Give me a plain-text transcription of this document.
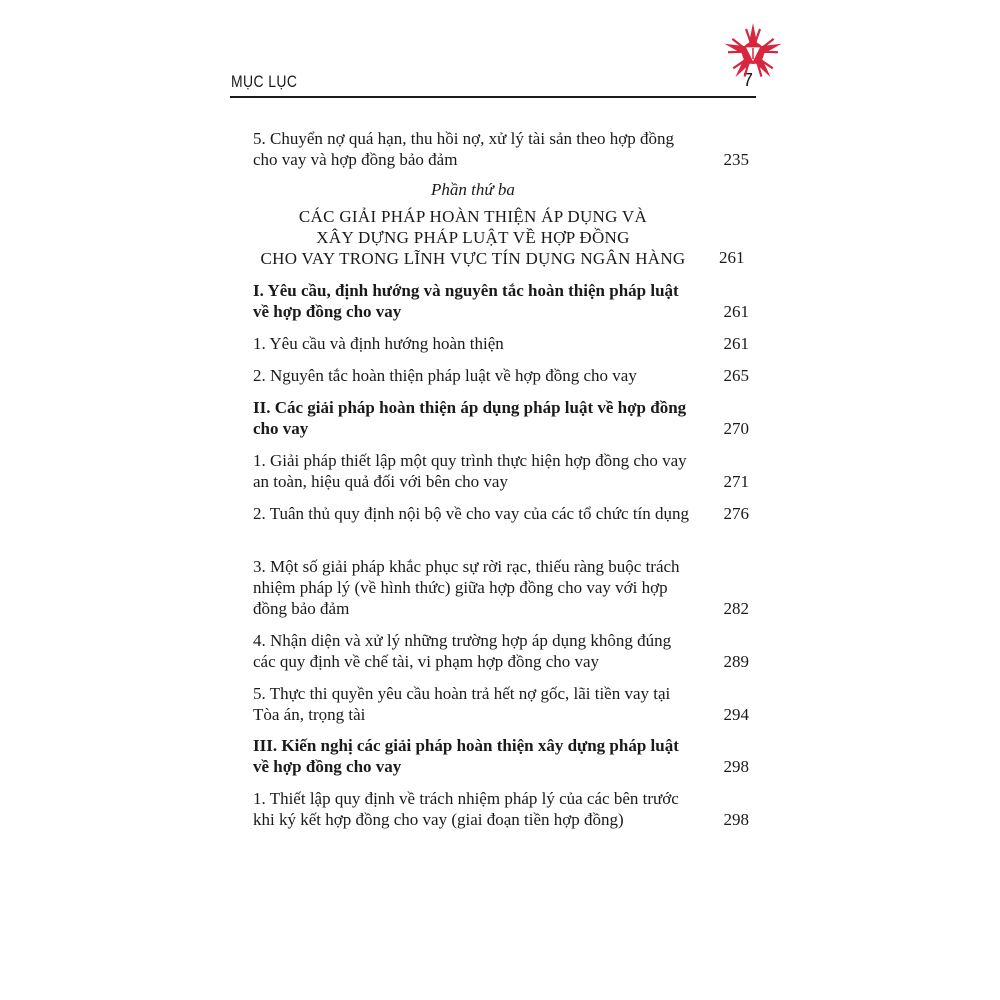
MỤC LỤC	7
5. Chuyển nợ quá hạn, thu hồi nợ, xử lý tài sản theo hợp đồng cho vay và hợp đồng bảo đảm	235
Phần thứ ba
CÁC GIẢI PHÁP HOÀN THIỆN ÁP DỤNG VÀ
XÂY DỰNG PHÁP LUẬT VỀ HỢP ĐỒNG
CHO VAY TRONG LĨNH VỰC TÍN DỤNG NGÂN HÀNG	261
I. Yêu cầu, định hướng và nguyên tắc hoàn thiện pháp luật về hợp đồng cho vay	261
1. Yêu cầu và định hướng hoàn thiện	261
2. Nguyên tắc hoàn thiện pháp luật về hợp đồng cho vay	265
II. Các giải pháp hoàn thiện áp dụng pháp luật về hợp đồng cho vay	270
1. Giải pháp thiết lập một quy trình thực hiện hợp đồng cho vay an toàn, hiệu quả đối với bên cho vay	271
2. Tuân thủ quy định nội bộ về cho vay của các tổ chức tín dụng 276
3. Một số giải pháp khắc phục sự rời rạc, thiếu ràng buộc trách nhiệm pháp lý (về hình thức) giữa hợp đồng cho vay với hợp đồng bảo đảm	282
4. Nhận diện và xử lý những trường hợp áp dụng không đúng các quy định về chế tài, vi phạm hợp đồng cho vay	289
5. Thực thi quyền yêu cầu hoàn trả hết nợ gốc, lãi tiền vay tại Tòa án, trọng tài	294
III. Kiến nghị các giải pháp hoàn thiện xây dựng pháp luật về hợp đồng cho vay	298
1. Thiết lập quy định về trách nhiệm pháp lý của các bên trước khi ký kết hợp đồng cho vay (giai đoạn tiền hợp đồng)	298
